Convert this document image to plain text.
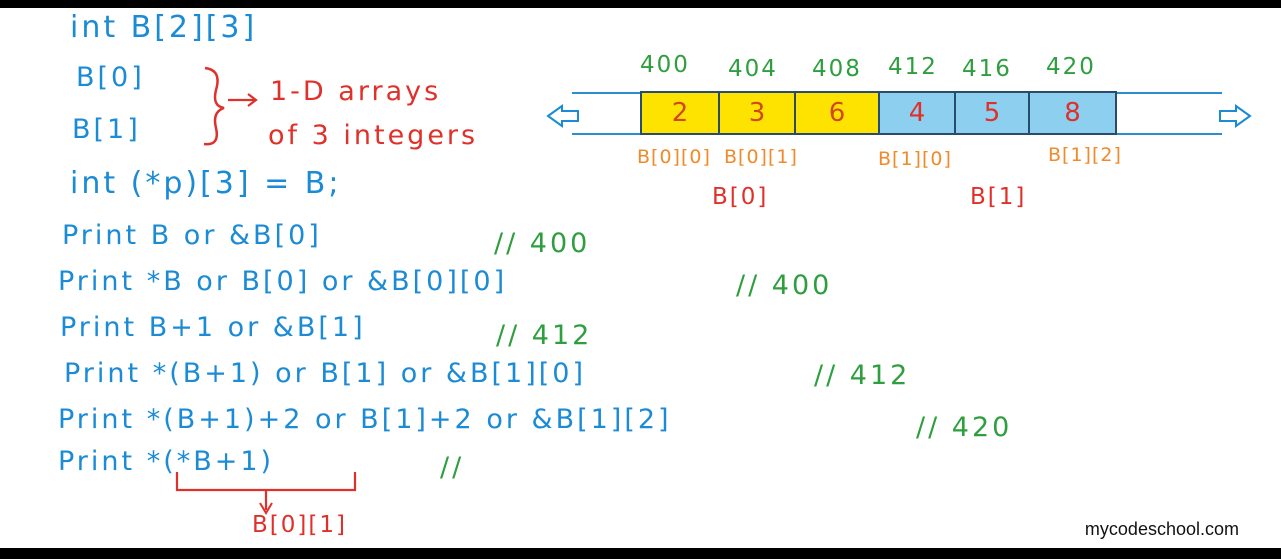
400 404 408 412 416 420
2	3	6	4	5	8
B[0][0] B[0][1]	B[1][0]	B[1][2]
B[0]	B[1]
int B[2][3]
B[0]
B[1]
1-D arrays
of 3 integers
int (*p)[3] = B;
Print B or &B[0]	// 400
Print *B or B[0] or &B[0][0]	// 400
Print B+1 or &B[1]	// 412
Print *(B+1) or B[1] or &B[1][0]	// 412
Print *(B+1)+2 or B[1]+2 or &B[1][2]	// 420
Print *(*B+1)	//
B[0][1]	mycodeschool.com
